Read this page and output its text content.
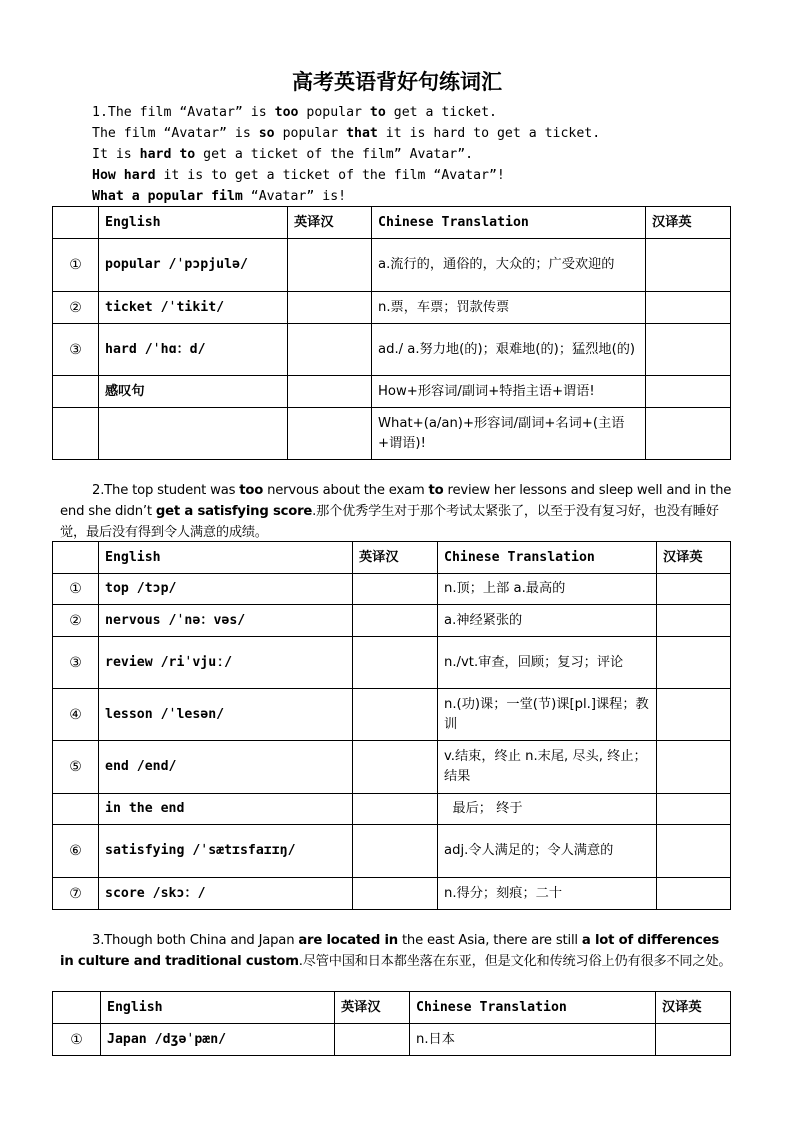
高考英语背好句练词汇
1.The film “Avatar” is too popular to get a ticket.
The film “Avatar” is so popular that it is hard to get a ticket.
It is hard to get a ticket of the film” Avatar”.
How hard it is to get a ticket of the film “Avatar”!
What a popular film “Avatar” is!
	English	英译汉	Chinese Translation	汉译英
①	popular /ˈpɔpjulə/		a.流行的，通俗的，大众的；广受欢迎的	
②	ticket /ˈtikit/		n.票，车票；罚款传票	
③	hard /ˈhɑ：d/		ad./ a.努力地(的)；艰难地(的)；猛烈地(的)	
	感叹句		How+形容词/副词+特指主语+谓语!	
			What+(a/an)+形容词/副词+名词+(主语+谓语)!	
2.The top student was too nervous about the exam to review her lessons and sleep well and in the end she didn’t get a satisfying score.那个优秀学生对于那个考试太紧张了，以至于没有复习好，也没有睡好觉，最后没有得到令人满意的成绩。
	English	英译汉	Chinese Translation	汉译英
①	top /tɔp/		n.顶；上部 a.最高的	
②	nervous /ˈnə：vəs/		a.神经紧张的	
③	review /riˈvjuː/		n./vt.审查，回顾；复习；评论	
④	lesson /ˈlesən/		n.(功)课；一堂(节)课[pl.]课程；教训	
⑤	end /end/		v.结束，终止 n.末尾, 尽头, 终止；结果	
	in the end		最后； 终于	
⑥	satisfying /ˈsætɪsfaɪɪŋ/		adj.令人满足的；令人满意的	
⑦	score /skɔ：/		n.得分；刻痕；二十	
3.Though both China and Japan are located in the east Asia, there are still a lot of differences in culture and traditional custom.尽管中国和日本都坐落在东亚，但是文化和传统习俗上仍有很多不同之处。
	English	英译汉	Chinese Translation	汉译英
①	Japan /dʒəˈpæn/		n.日本	
